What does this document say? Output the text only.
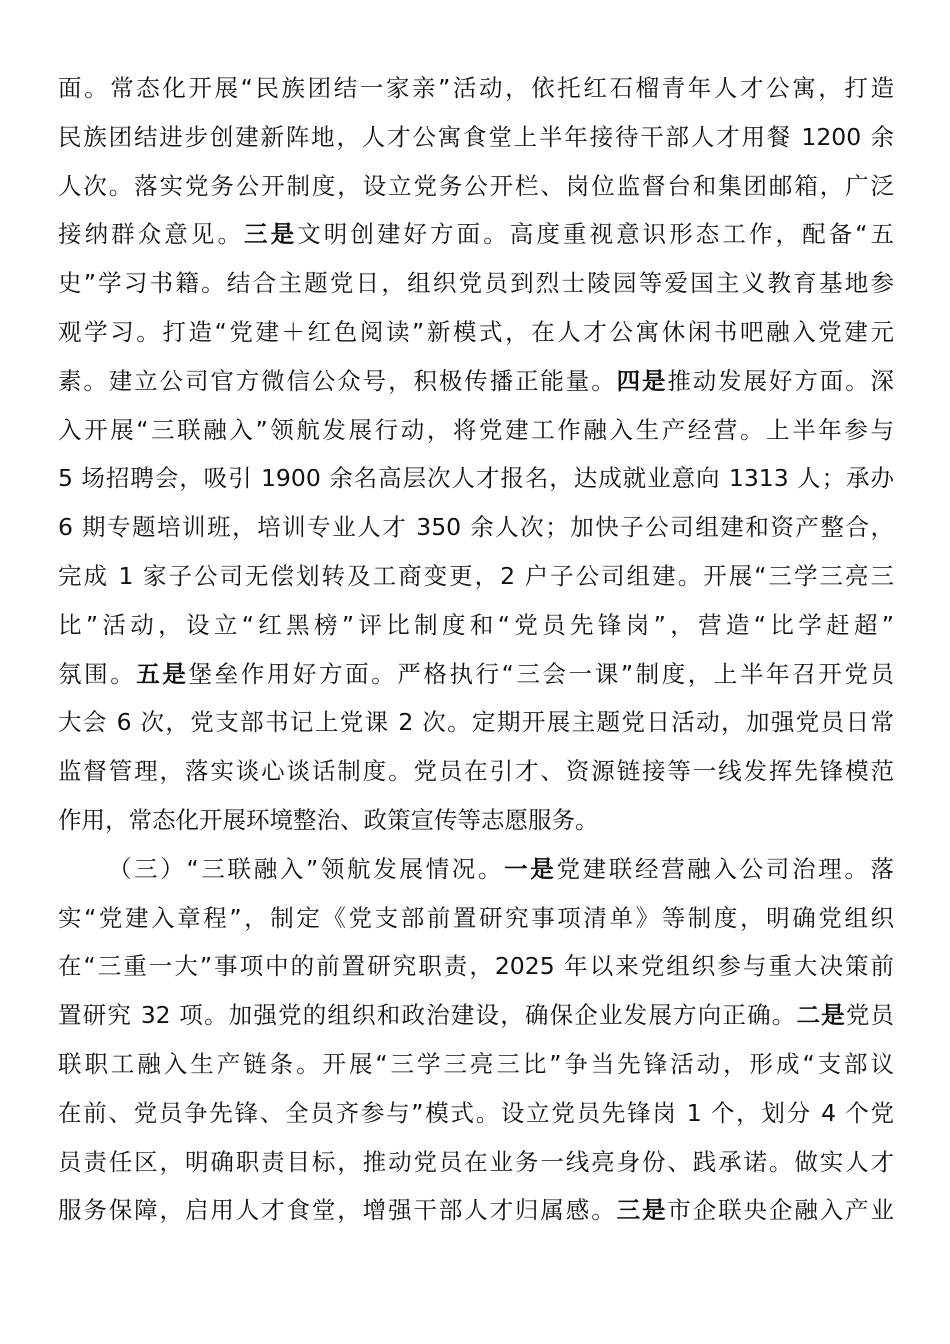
面。常态化开展“民族团结一家亲”活动，依托红石榴青年人才公寓，打造
民族团结进步创建新阵地，人才公寓食堂上半年接待干部人才用餐 1200 余
人次。落实党务公开制度，设立党务公开栏、岗位监督台和集团邮箱，广泛
接纳群众意见。三是文明创建好方面。高度重视意识形态工作，配备“五
史”学习书籍。结合主题党日，组织党员到烈士陵园等爱国主义教育基地参
观学习。打造“党建＋红色阅读”新模式，在人才公寓休闲书吧融入党建元
素。建立公司官方微信公众号，积极传播正能量。四是推动发展好方面。深
入开展“三联融入”领航发展行动，将党建工作融入生产经营。上半年参与
5 场招聘会，吸引 1900 余名高层次人才报名，达成就业意向 1313 人；承办
6 期专题培训班，培训专业人才 350 余人次；加快子公司组建和资产整合，
完成 1 家子公司无偿划转及工商变更，2 户子公司组建。开展“三学三亮三
比”活动，设立“红黑榜”评比制度和“党员先锋岗”，营造“比学赶超”
氛围。五是堡垒作用好方面。严格执行“三会一课”制度，上半年召开党员
大会 6 次，党支部书记上党课 2 次。定期开展主题党日活动，加强党员日常
监督管理，落实谈心谈话制度。党员在引才、资源链接等一线发挥先锋模范
作用，常态化开展环境整治、政策宣传等志愿服务。
（三）“三联融入”领航发展情况。一是党建联经营融入公司治理。落
实“党建入章程”，制定《党支部前置研究事项清单》等制度，明确党组织
在“三重一大”事项中的前置研究职责，2025 年以来党组织参与重大决策前
置研究 32 项。加强党的组织和政治建设，确保企业发展方向正确。二是党员
联职工融入生产链条。开展“三学三亮三比”争当先锋活动，形成“支部议
在前、党员争先锋、全员齐参与”模式。设立党员先锋岗 1 个，划分 4 个党
员责任区，明确职责目标，推动党员在业务一线亮身份、践承诺。做实人才
服务保障，启用人才食堂，增强干部人才归属感。三是市企联央企融入产业
